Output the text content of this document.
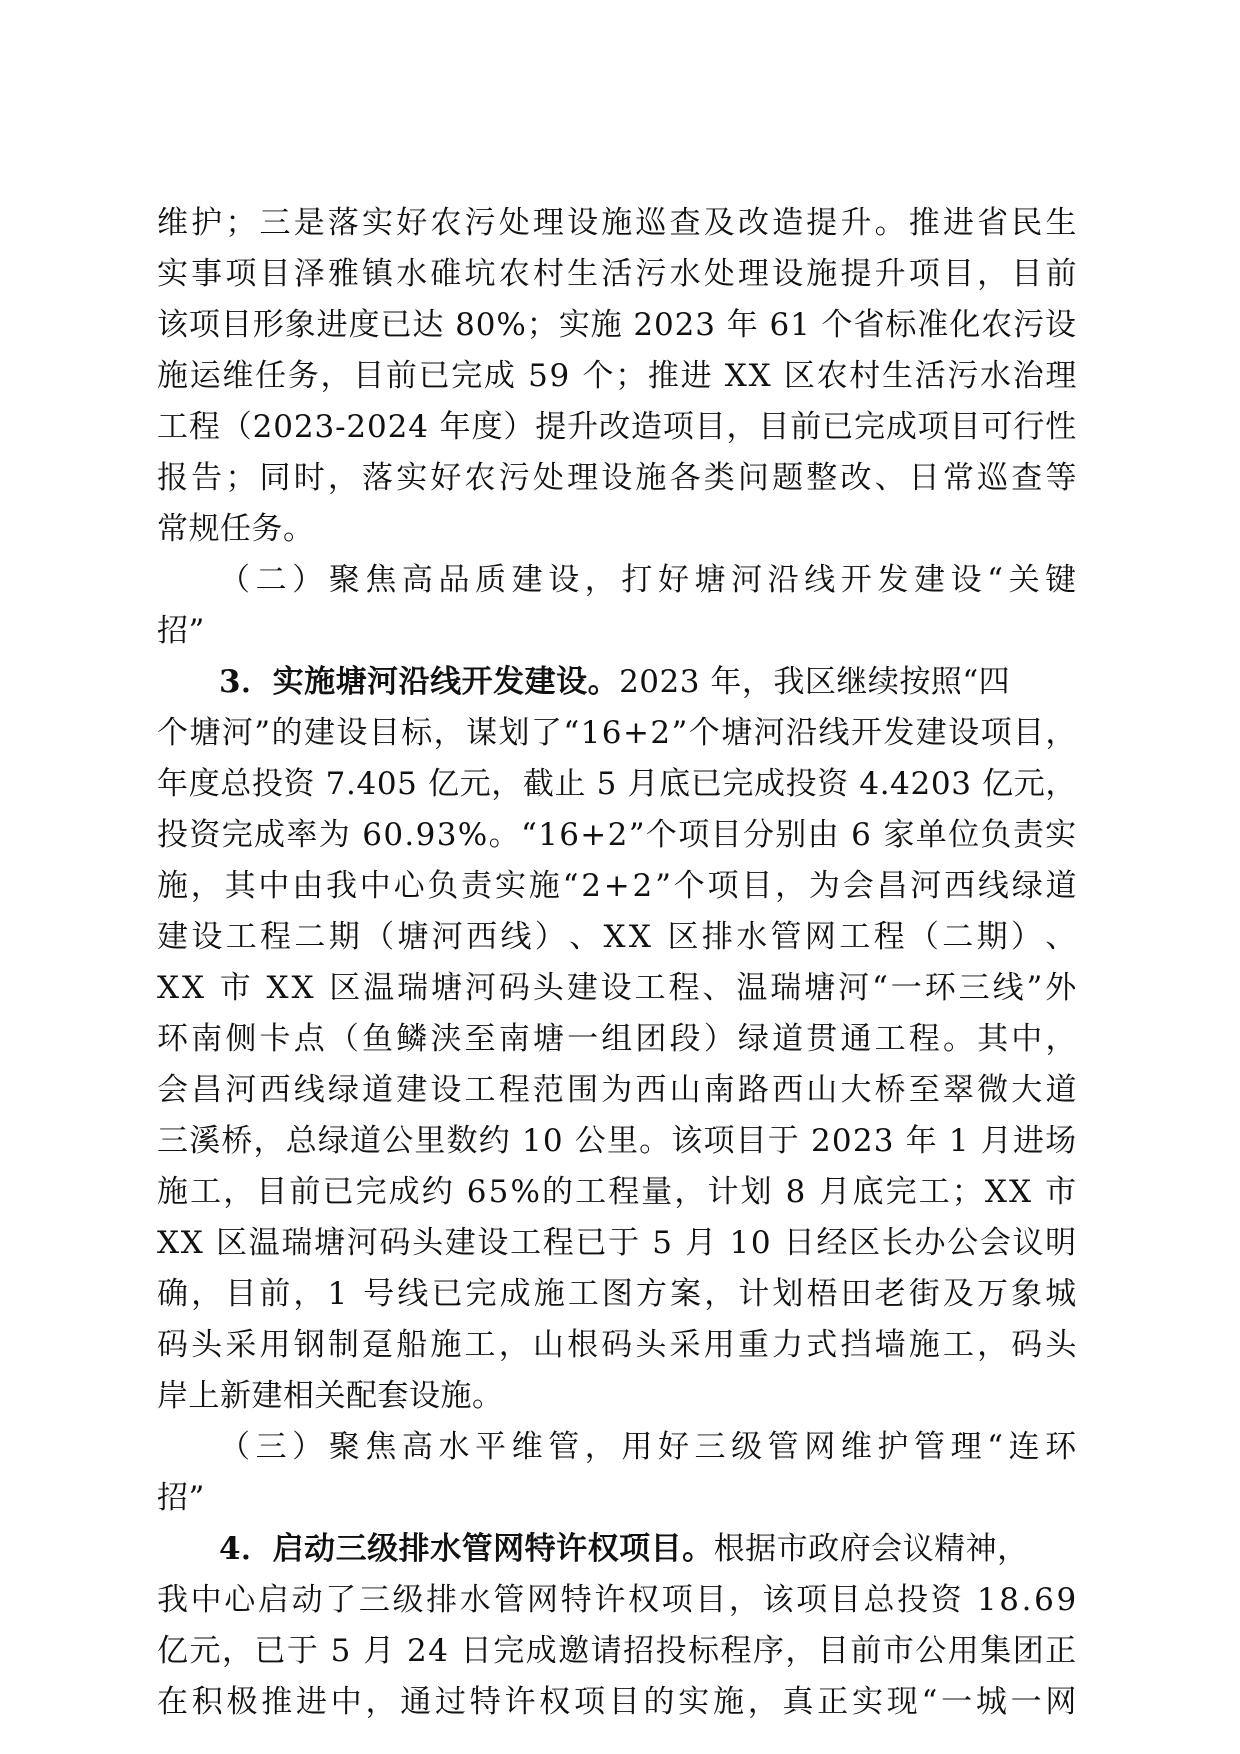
维 护 ； 三 是 落 实 好 农 污 处 理 设 施 巡 查 及 改 造 提 升 。 推 进 省 民 生
实 事 项 目 泽 雅 镇 水 碓 坑 农 村 生 活 污 水 处 理 设 施 提 升 项 目 ， 目 前
该 项 目 形 象 进 度 已 达
8 0 % ； 实 施
2 0 2 3
年
6 1
个 省 标 准 化 农 污 设
施 运 维 任 务 ， 目 前 已 完 成
5 9
个 ； 推 进
X X
区 农 村 生 活 污 水 治 理
工 程 （ 2 0 2 3 - 2 0 2 4
年 度 ） 提 升 改 造 项 目 ， 目 前 已 完 成 项 目 可 行 性
报 告 ； 同 时 ， 落 实 好 农 污 处 理 设 施 各 类 问 题 整 改 、 日 常 巡 查 等
常规任务。
（ 二 ） 聚 焦 高 品 质 建 设 ， 打 好 塘 河 沿 线 开 发 建 设 “ 关 键
招”
3．实施塘河沿线开发建设。2023 年，我区继续按照“四
个 塘 河 ” 的 建 设 目 标 ， 谋 划 了 “ 1 6 + 2 ” 个 塘 河 沿 线 开 发 建 设 项 目 ，
年 度 总 投 资
7 . 4 0 5
亿 元 ， 截 止
5
月 底 已 完 成 投 资
4 . 4 2 0 3
亿 元 ，
投 资 完 成 率 为
6 0 . 9 3 % 。 “ 1 6 + 2 ” 个 项 目 分 别 由
6
家 单 位 负 责 实
施 ， 其 中 由 我 中 心 负 责 实 施 “ 2 + 2 ” 个 项 目 ， 为 会 昌 河 西 线 绿 道
建 设 工 程 二 期 （ 塘 河 西 线 ） 、 X X
区 排 水 管 网 工 程 （ 二 期 ） 、
X X
市
X X
区 温 瑞 塘 河 码 头 建 设 工 程 、 温 瑞 塘 河 “ 一 环 三 线 ” 外
环 南 侧 卡 点 （ 鱼 鳞 浃 至 南 塘 一 组 团 段 ） 绿 道 贯 通 工 程 。 其 中 ，
会 昌 河 西 线 绿 道 建 设 工 程 范 围 为 西 山 南 路 西 山 大 桥 至 翠 微 大 道
三 溪 桥 ， 总 绿 道 公 里 数 约
1 0
公 里 。 该 项 目 于
2 0 2 3
年
1
月 进 场
施 工 ， 目 前 已 完 成 约
6 5 % 的 工 程 量 ， 计 划
8
月 底 完 工 ； X X
市
X X
区 温 瑞 塘 河 码 头 建 设 工 程 已 于
5
月
1 0
日 经 区 长 办 公 会 议 明
确 ， 目 前 ， 1
号 线 已 完 成 施 工 图 方 案 ， 计 划 梧 田 老 街 及 万 象 城
码 头 采 用 钢 制 趸 船 施 工 ， 山 根 码 头 采 用 重 力 式 挡 墙 施 工 ， 码 头
岸上新建相关配套设施。
（ 三 ） 聚 焦 高 水 平 维 管 ， 用 好 三 级 管 网 维 护 管 理 “ 连 环
招”
4．启动三级排水管网特许权项目。根据市政府会议精神，
我 中 心 启 动 了 三 级 排 水 管 网 特 许 权 项 目 ， 该 项 目 总 投 资
1 8 . 6 9
亿 元 ， 已 于
5
月
2 4
日 完 成 邀 请 招 投 标 程 序 ， 目 前 市 公 用 集 团 正
在 积 极 推 进 中 ， 通 过 特 许 权 项 目 的 实 施 ， 真 正 实 现 “ 一 城 一 网
